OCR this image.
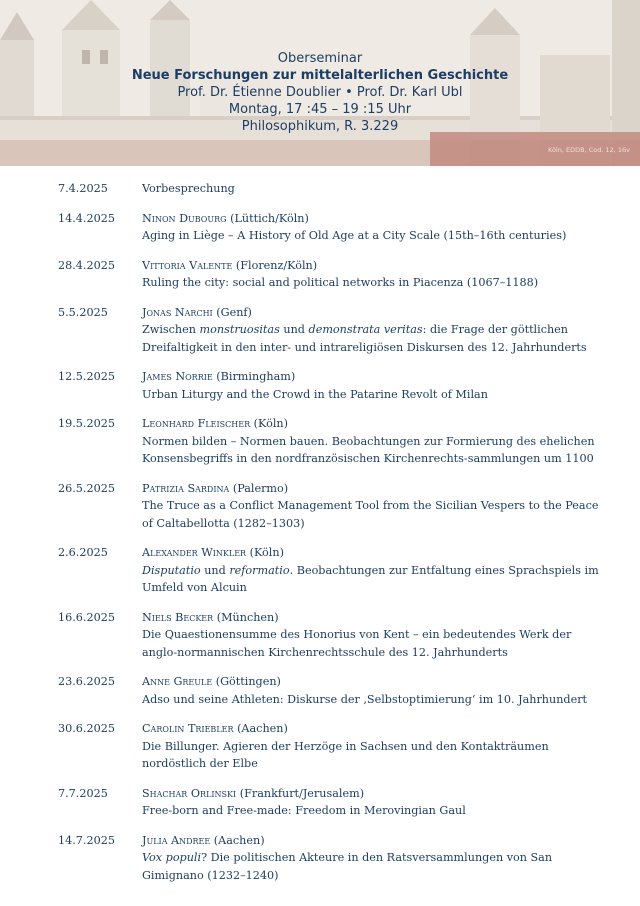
Oberseminar
Neue Forschungen zur mittelalterlichen Geschichte
Prof. Dr. Étienne Doublier • Prof. Dr. Karl Ubl
Montag, 17 :45 – 19 :15 Uhr
Philosophikum, R. 3.229
Köln, EDDB, Cod. 12, 16v
7.4.2025	Vorbesprechung
14.4.2025 Ninon Dubourg (Lüttich/Köln)
Aging in Liège – A History of Old Age at a City Scale (15th–16th centuries)
28.4.2025 Vittoria Valente (Florenz/Köln)
Ruling the city: social and political networks in Piacenza (1067–1188)
5.5.2025	Jonas Narchi (Genf)
Zwischen monstruositas und demonstrata veritas: die Frage der göttlichen Dreifaltigkeit in den inter- und intrareligiösen Diskursen des 12. Jahrhunderts
12.5.2025 James Norrie (Birmingham)
Urban Liturgy and the Crowd in the Patarine Revolt of Milan
19.5.2025 Leonhard Fleischer (Köln)
Normen bilden – Normen bauen. Beobachtungen zur Formierung des ehelichen Konsensbegriffs in den nordfranzösischen Kirchenrechts-sammlungen um 1100
26.5.2025 Patrizia Sardina (Palermo)
The Truce as a Conflict Management Tool from the Sicilian Vespers to the Peace of Caltabellotta (1282–1303)
2.6.2025	Alexander Winkler (Köln)
Disputatio und reformatio. Beobachtungen zur Entfaltung eines Sprachspiels im Umfeld von Alcuin
16.6.2025 Niels Becker (München)
Die Quaestionensumme des Honorius von Kent – ein bedeutendes Werk der anglo-normannischen Kirchenrechtsschule des 12. Jahrhunderts
23.6.2025 Anne Greule (Göttingen)
Adso und seine Athleten: Diskurse der ‚Selbstoptimierung‘ im 10. Jahrhundert
30.6.2025 Carolin Triebler (Aachen)
Die Billunger. Agieren der Herzöge in Sachsen und den Kontakträumen nordöstlich der Elbe
7.7.2025	Shachar Orlinski (Frankfurt/Jerusalem)
Free-born and Free-made: Freedom in Merovingian Gaul
14.7.2025 Julia Andree (Aachen)
Vox populi? Die politischen Akteure in den Ratsversammlungen von San Gimignano (1232–1240)
